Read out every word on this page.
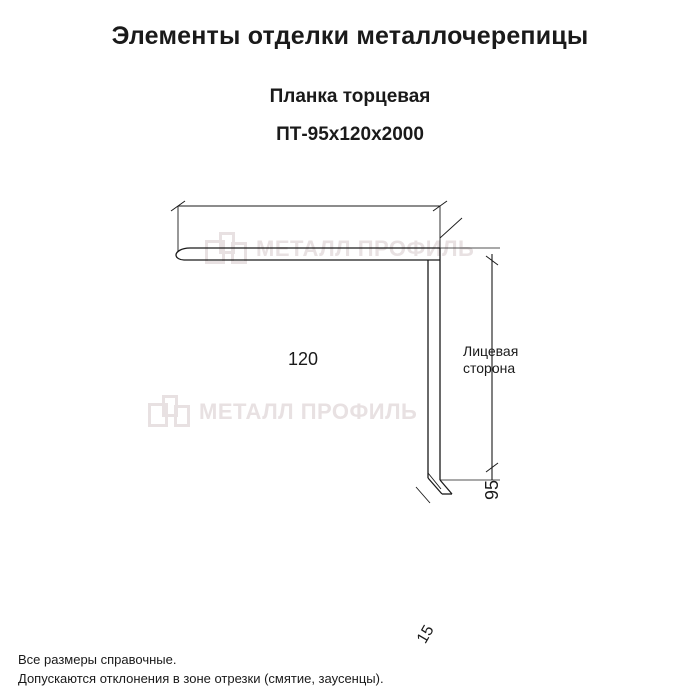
Элементы отделки металлочерепицы
Планка торцевая
ПТ-95х120х2000
МЕТАЛЛ ПРОФИЛЬ
МЕТАЛЛ ПРОФИЛЬ
120
95
15
Лицевая
сторона
Все размеры справочные.
Допускаются отклонения в зоне отрезки (смятие, заусенцы).
